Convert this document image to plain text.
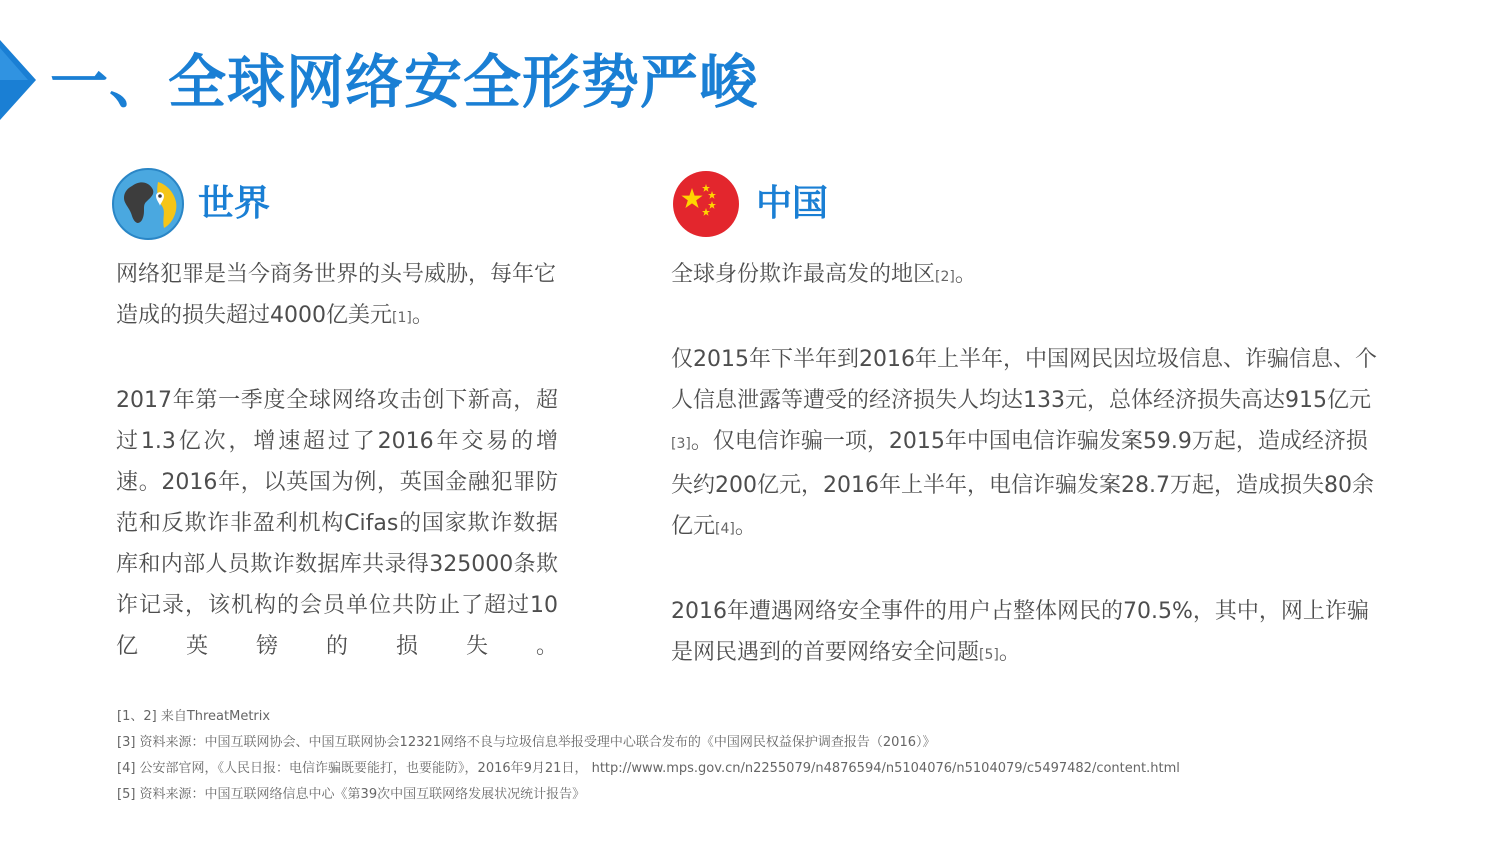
一、全球网络安全形势严峻
世界	中国

网络犯罪是当今商务世界的头号威胁，每年它造成的损失超过4000亿美元[1]。

2017年第一季度全球网络攻击创下新高，超过1.3亿次，增速超过了2016年交易的增速。2016年，以英国为例，英国金融犯罪防范和反欺诈非盈利机构Cifas的国家欺诈数据库和内部人员欺诈数据库共录得325000条欺诈记录，该机构的会员单位共防止了超过10亿英镑的损失。

全球身份欺诈最高发的地区[2]。

仅2015年下半年到2016年上半年，中国网民因垃圾信息、诈骗信息、个人信息泄露等遭受的经济损失人均达133元，总体经济损失高达915亿元[3]。仅电信诈骗一项，2015年中国电信诈骗发案59.9万起，造成经济损失约200亿元，2016年上半年，电信诈骗发案28.7万起，造成损失80余亿元[4]。

2016年遭遇网络安全事件的用户占整体网民的70.5%，其中，网上诈骗是网民遇到的首要网络安全问题[5]。

[1、2] 来自ThreatMetrix
[3] 资料来源：中国互联网协会、中国互联网协会12321网络不良与垃圾信息举报受理中心联合发布的《中国网民权益保护调查报告（2016）》
[4] 公安部官网，《人民日报：电信诈骗既要能打，也要能防》，2016年9月21日， http://www.mps.gov.cn/n2255079/n4876594/n5104076/n5104079/c5497482/content.html
[5] 资料来源：中国互联网络信息中心《第39次中国互联网络发展状况统计报告》
